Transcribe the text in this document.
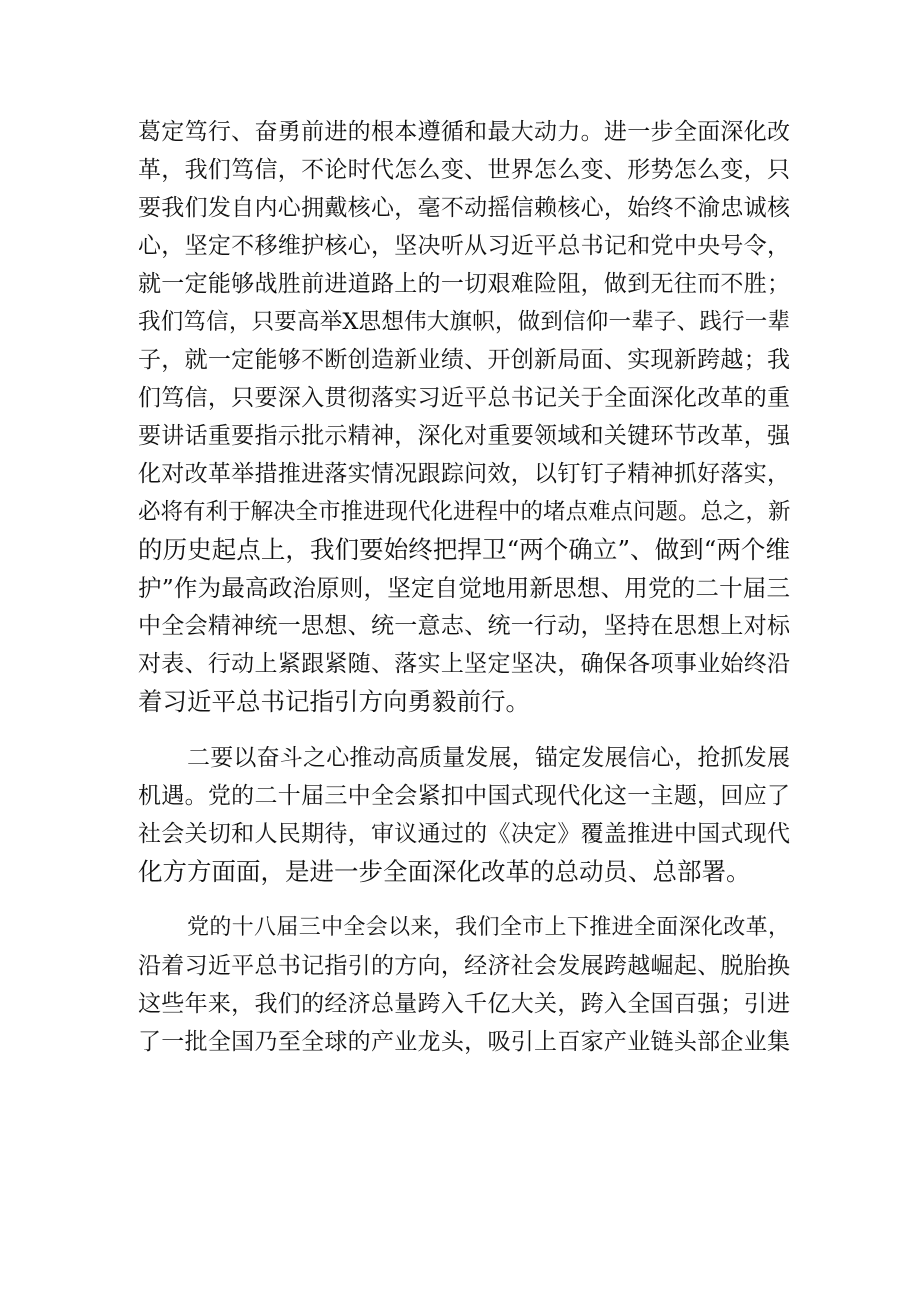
葛定笃行、奋勇前进的根本遵循和最大动力。进一步全面深化改
革，我们笃信，不论时代怎么变、世界怎么变、形势怎么变，只
要我们发自内心拥戴核心，毫不动摇信赖核心，始终不渝忠诚核
心，坚定不移维护核心，坚决听从习近平总书记和党中央号令，
就一定能够战胜前进道路上的一切艰难险阻，做到无往而不胜；
我们笃信，只要高举X思想伟大旗帜，做到信仰一辈子、践行一辈
子，就一定能够不断创造新业绩、开创新局面、实现新跨越；我
们笃信，只要深入贯彻落实习近平总书记关于全面深化改革的重
要讲话重要指示批示精神，深化对重要领域和关键环节改革，强
化对改革举措推进落实情况跟踪问效，以钉钉子精神抓好落实，
必将有利于解决全市推进现代化进程中的堵点难点问题。总之，新
的历史起点上，我们要始终把捍卫“两个确立”、做到“两个维
护”作为最高政治原则，坚定自觉地用新思想、用党的二十届三
中全会精神统一思想、统一意志、统一行动，坚持在思想上对标
对表、行动上紧跟紧随、落实上坚定坚决，确保各项事业始终沿
着习近平总书记指引方向勇毅前行。
二要以奋斗之心推动高质量发展，锚定发展信心，抢抓发展
机遇。党的二十届三中全会紧扣中国式现代化这一主题，回应了
社会关切和人民期待，审议通过的《决定》覆盖推进中国式现代
化方方面面，是进一步全面深化改革的总动员、总部署。
党的十八届三中全会以来，我们全市上下推进全面深化改革，
沿着习近平总书记指引的方向，经济社会发展跨越崛起、脱胎换
这些年来，我们的经济总量跨入千亿大关，跨入全国百强；引进
了一批全国乃至全球的产业龙头，吸引上百家产业链头部企业集
